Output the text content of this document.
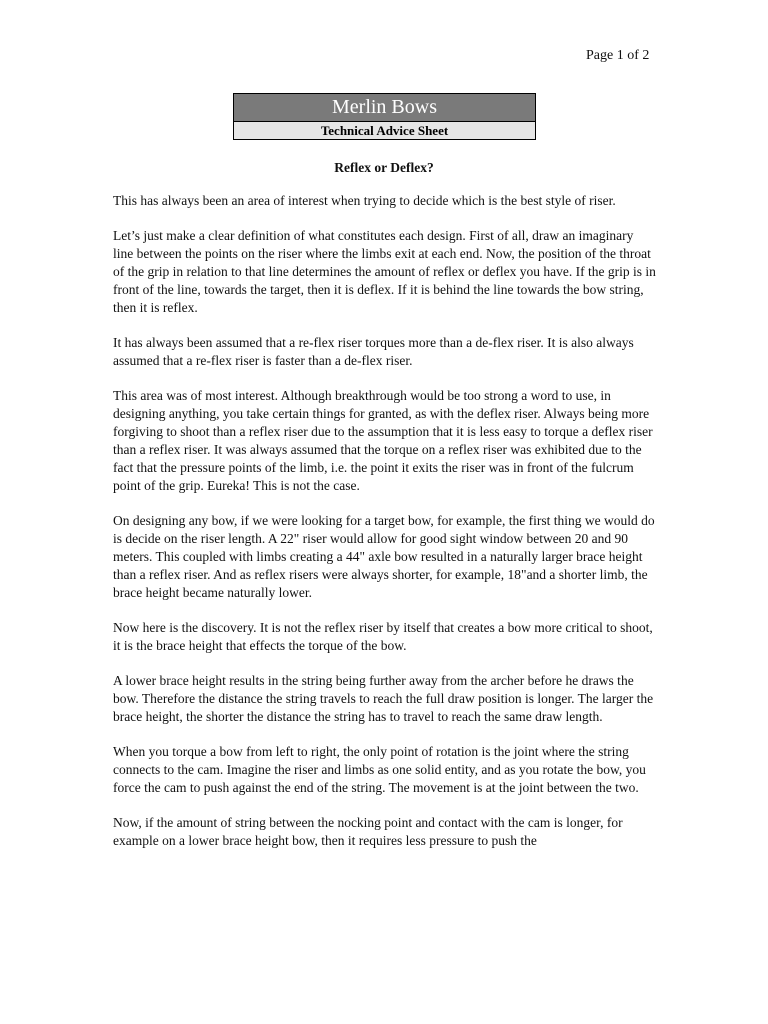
Page 1 of 2
Merlin Bows
Technical Advice Sheet
Reflex or Deflex?

This has always been an area of interest when trying to decide which is the best style of riser.

Let’s just make a clear definition of what constitutes each design. First of all, draw an imaginary line between the points on the riser where the limbs exit at each end. Now, the position of the throat of the grip in relation to that line determines the amount of reflex or deflex you have. If the grip is in front of the line, towards the target, then it is deflex. If it is behind the line towards the bow string, then it is reflex.

It has always been assumed that a re-flex riser torques more than a de-flex riser. It is also always assumed that a re-flex riser is faster than a de-flex riser.

This area was of most interest. Although breakthrough would be too strong a word to use, in designing anything, you take certain things for granted, as with the deflex riser. Always being more forgiving to shoot than a reflex riser due to the assumption that it is less easy to torque a deflex riser than a reflex riser. It was always assumed that the torque on a reflex riser was exhibited due to the fact that the pressure points of the limb, i.e. the point it exits the riser was in front of the fulcrum point of the grip. Eureka! This is not the case.

On designing any bow, if we were looking for a target bow, for example, the first thing we would do is decide on the riser length. A 22" riser would allow for good sight window between 20 and 90 meters. This coupled with limbs creating a 44" axle bow resulted in a naturally larger brace height than a reflex riser. And as reflex risers were always shorter, for example, 18"and a shorter limb, the brace height became naturally lower.

Now here is the discovery. It is not the reflex riser by itself that creates a bow more critical to shoot, it is the brace height that effects the torque of the bow.

A lower brace height results in the string being further away from the archer before he draws the bow. Therefore the distance the string travels to reach the full draw position is longer. The larger the brace height, the shorter the distance the string has to travel to reach the same draw length.

When you torque a bow from left to right, the only point of rotation is the joint where the string connects to the cam. Imagine the riser and limbs as one solid entity, and as you rotate the bow, you force the cam to push against the end of the string. The movement is at the joint between the two.

Now, if the amount of string between the nocking point and contact with the cam is longer, for example on a lower brace height bow, then it requires less pressure to push the
